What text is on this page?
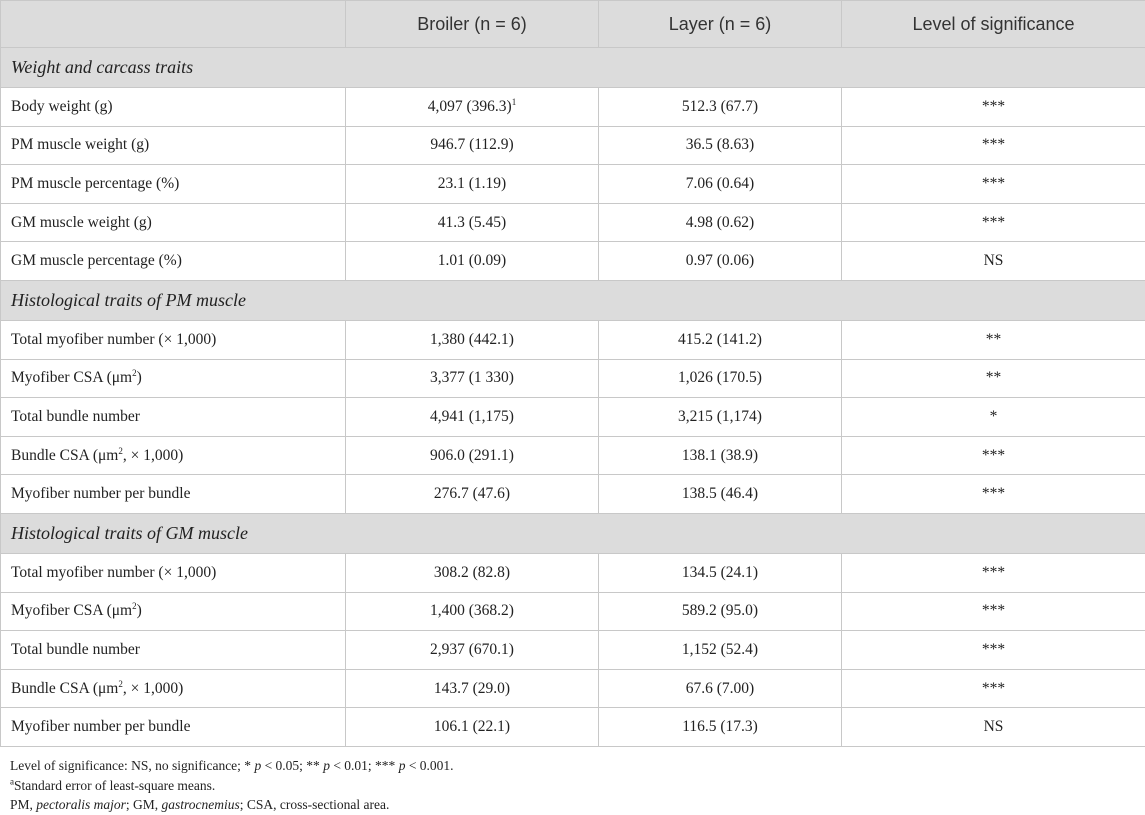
	Broiler (n = 6)	Layer (n = 6)	Level of significance
Weight and carcass traits			
Body weight (g)	4,097 $(396.3)^1$	512.3 (67.7)	***
PM muscle weight (g)	946.7 (112.9)	36.5 (8.63)	***
PM muscle percentage (%)	23.1 (1.19)	7.06 (0.64)	***
GM muscle weight (g)	41.3 (5.45)	4.98 (0.62)	***
GM muscle percentage (%)	1.01 (0.09)	0.97 (0.06)	NS
Histological traits of PM muscle			
Total myofiber number (× 1,000)	1,380 (442.1)	415.2 (141.2)	**
Myofiber CSA $(\mu m^2)$	3,377 (1 330)	1,026 (170.5)	**
Total bundle number	4,941 (1,175)	3,215 (1,174)	*
Bundle CSA ($\mu m^2$, × 1,000)	906.0 (291.1)	138.1 (38.9)	***
Myofiber number per bundle	276.7 (47.6)	138.5 (46.4)	***
Histological traits of GM muscle			
Total myofiber number (× 1,000)	308.2 (82.8)	134.5 (24.1)	***
Myofiber CSA $(\mu m^2)$	1,400 (368.2)	589.2 (95.0)	***
Total bundle number	2,937 (670.1)	1,152 (52.4)	***
Bundle CSA ($\mu m^2$, × 1,000)	143.7 (29.0)	67.6 (7.00)	***
Myofiber number per bundle	106.1 (22.1)	116.5 (17.3)	NS
Level of significance: NS, no significance; * p < 0.05; ** p < 0.01; *** p < 0.001.
$^a$Standard error of least-square means.
PM, pectoralis major; GM, gastrocnemius; CSA, cross-sectional area.
